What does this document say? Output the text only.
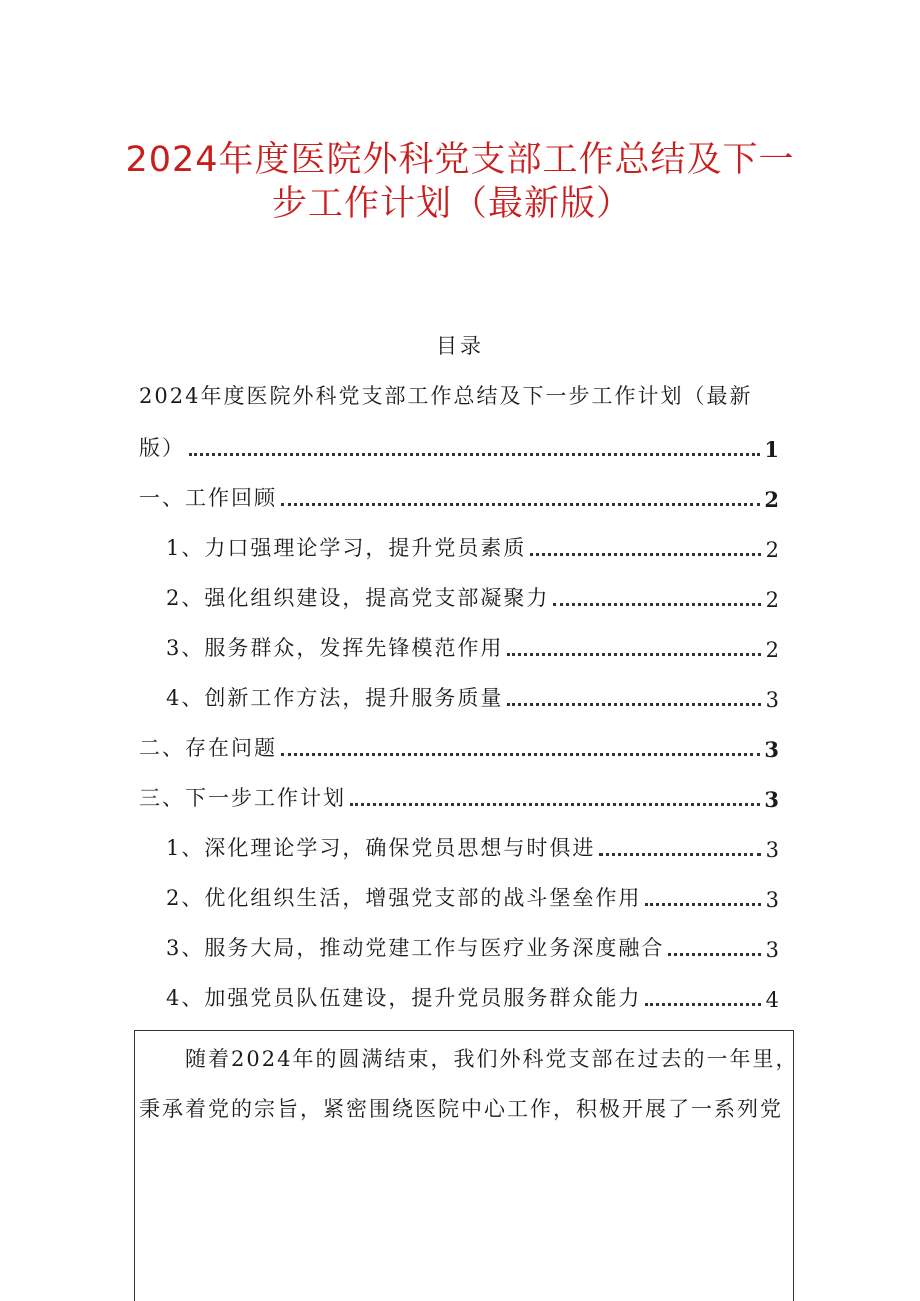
2024年度医院外科党支部工作总结及下一
步工作计划（最新版）
目录
2024年度医院外科党支部工作总结及下一步工作计划（最新
版）	1
一、工作回顾	2
1、力口强理论学习，提升党员素质	2
2、强化组织建设，提高党支部凝聚力	2
3、服务群众，发挥先锋模范作用	2
4、创新工作方法，提升服务质量	3
二、存在问题	3
三、下一步工作计划	3
1、深化理论学习，确保党员思想与时俱进	3
2、优化组织生活，增强党支部的战斗堡垒作用	3
3、服务大局，推动党建工作与医疗业务深度融合	3
4、加强党员队伍建设，提升党员服务群众能力	4
随着2024年的圆满结束，我们外科党支部在过去的一年里，
秉承着党的宗旨，紧密围绕医院中心工作，积极开展了一系列党
